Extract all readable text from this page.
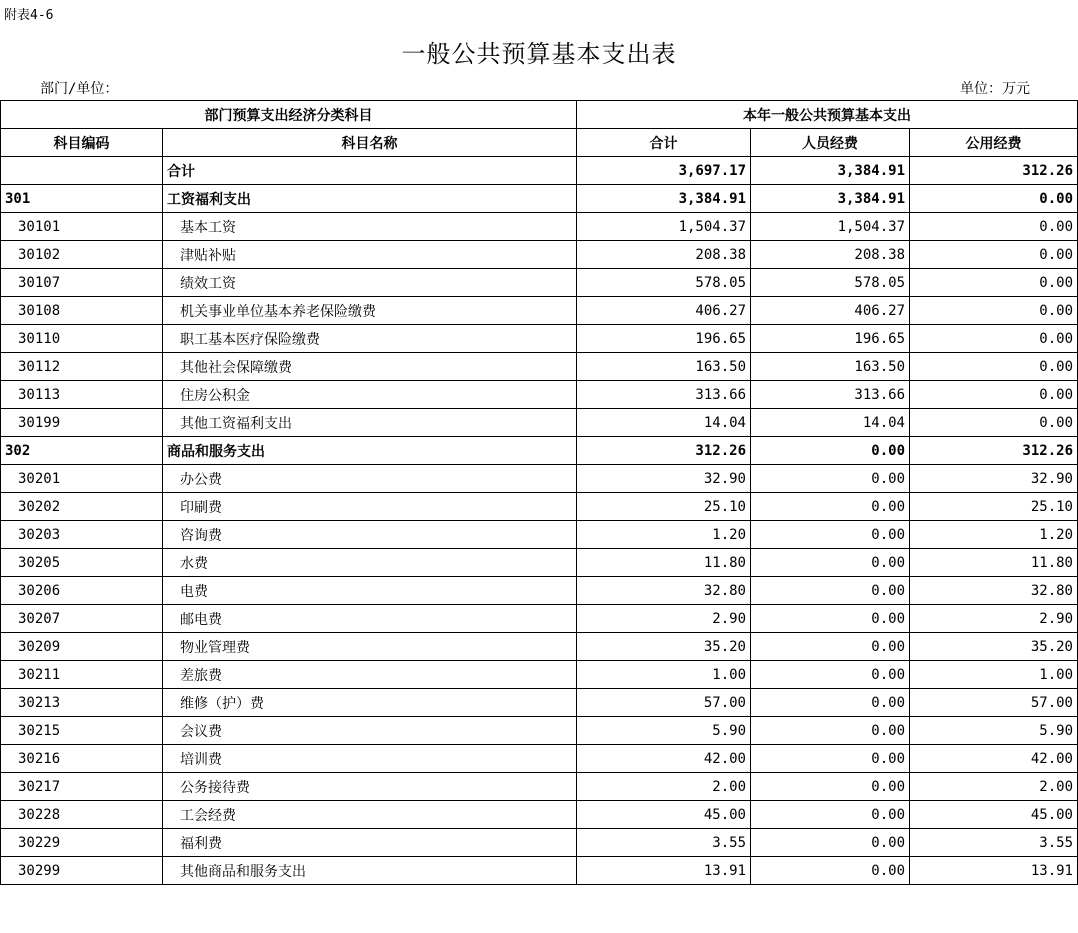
附表4-6
一般公共预算基本支出表
部门/单位：	单位：万元
部门预算支出经济分类科目		本年一般公共预算基本支出		
科目编码	科目名称	合计	人员经费	公用经费
	合计	3,697.17	3,384.91	312.26
301	工资福利支出	3,384.91	3,384.91	0.00
30101	基本工资	1,504.37	1,504.37	0.00
30102	津贴补贴	208.38	208.38	0.00
30107	绩效工资	578.05	578.05	0.00
30108	机关事业单位基本养老保险缴费	406.27	406.27	0.00
30110	职工基本医疗保险缴费	196.65	196.65	0.00
30112	其他社会保障缴费	163.50	163.50	0.00
30113	住房公积金	313.66	313.66	0.00
30199	其他工资福利支出	14.04	14.04	0.00
302	商品和服务支出	312.26	0.00	312.26
30201	办公费	32.90	0.00	32.90
30202	印刷费	25.10	0.00	25.10
30203	咨询费	1.20	0.00	1.20
30205	水费	11.80	0.00	11.80
30206	电费	32.80	0.00	32.80
30207	邮电费	2.90	0.00	2.90
30209	物业管理费	35.20	0.00	35.20
30211	差旅费	1.00	0.00	1.00
30213	维修（护）费	57.00	0.00	57.00
30215	会议费	5.90	0.00	5.90
30216	培训费	42.00	0.00	42.00
30217	公务接待费	2.00	0.00	2.00
30228	工会经费	45.00	0.00	45.00
30229	福利费	3.55	0.00	3.55
30299	其他商品和服务支出	13.91	0.00	13.91
